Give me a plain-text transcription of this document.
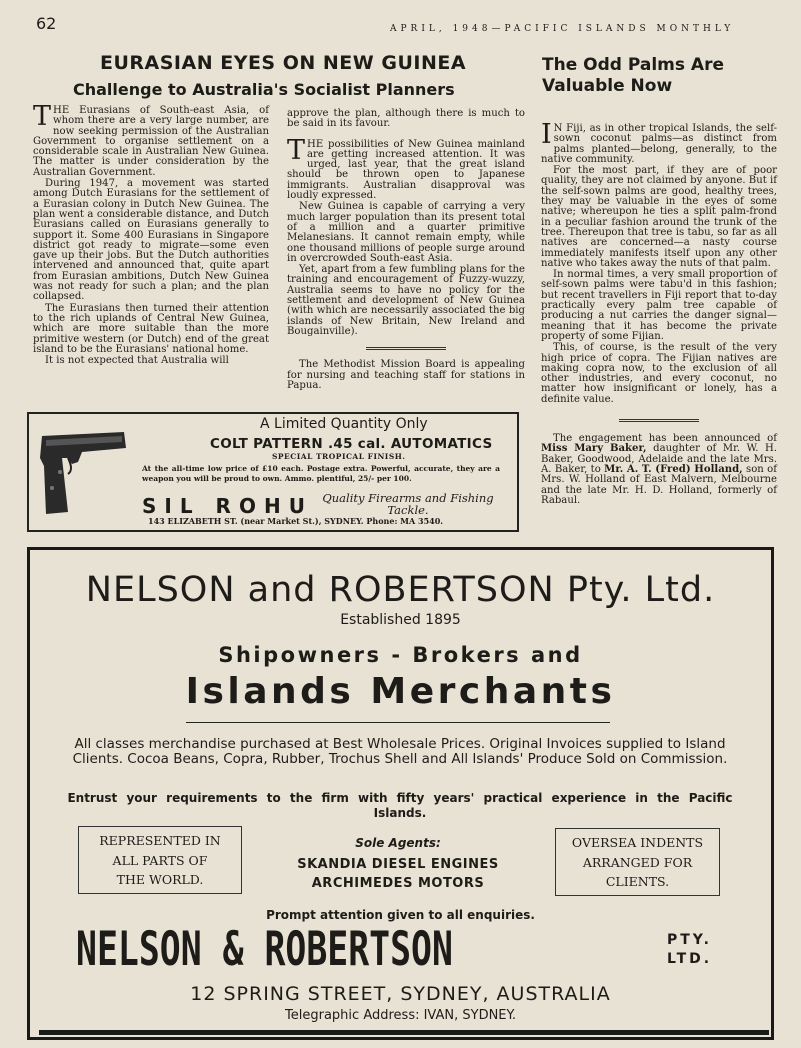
62	APRIL, 1948—PACIFIC ISLANDS MONTHLY
EURASIAN EYES ON NEW GUINEA
Challenge to Australia's Socialist Planners

THE Eurasians of South-east Asia, of whom there are a very large number, are now seeking permission of the Australian Government to organise settlement on a considerable scale in Australian New Guinea. The matter is under consideration by the Australian Government.

During 1947, a movement was started among Dutch Eurasians for the settlement of a Eurasian colony in Dutch New Guinea. The plan went a considerable distance, and Dutch Eurasians called on Eurasians generally to support it. Some 400 Eurasians in Singapore district got ready to migrate—some even gave up their jobs. But the Dutch authorities intervened and announced that, quite apart from Eurasian ambitions, Dutch New Guinea was not ready for such a plan; and the plan collapsed.

The Eurasians then turned their attention to the rich uplands of Central New Guinea, which are more suitable than the more primitive western (or Dutch) end of the great island to be the Eurasians' national home.

It is not expected that Australia will

approve the plan, although there is much to be said in its favour.

THE possibilities of New Guinea mainland are getting increased attention. It was urged, last year, that the great island should be thrown open to Japanese immigrants. Australian disapproval was loudly expressed.

New Guinea is capable of carrying a very much larger population than its present total of a million and a quarter primitive Melanesians. It cannot remain empty, while one thousand millions of people surge around in overcrowded South-east Asia.

Yet, apart from a few fumbling plans for the training and encouragement of Fuzzy-wuzzy, Australia seems to have no policy for the settlement and development of New Guinea (with which are necessarily associated the big islands of New Britain, New Ireland and Bougainville).

The Methodist Mission Board is appealing for nursing and teaching staff for stations in Papua.

The Odd Palms Are Valuable Now

I N Fiji, as in other tropical Islands, the self-sown coconut palms—as distinct from palms planted—belong, generally, to the native community.

For the most part, if they are of poor quality, they are not claimed by anyone. But if the self-sown palms are good, healthy trees, they may be valuable in the eyes of some native; whereupon he ties a split palm-frond in a peculiar fashion around the trunk of the tree. Thereupon that tree is tabu, so far as all natives are concerned—a nasty course immediately manifests itself upon any other native who takes away the nuts of that palm.

In normal times, a very small proportion of self-sown palms were tabu'd in this fashion; but recent travellers in Fiji report that to-day practically every palm tree capable of producing a nut carries the danger signal—meaning that it has become the private property of some Fijian.

This, of course, is the result of the very high price of copra. The Fijian natives are making copra now, to the exclusion of all other industries, and every coconut, no matter how insignificant or lonely, has a definite value.

The engagement has been announced of Miss Mary Baker, daughter of Mr. W. H. Baker, Goodwood, Adelaide and the late Mrs. A. Baker, to Mr. A. T. (Fred) Holland, son of Mrs. W. Holland of East Malvern, Melbourne and the late Mr. H. D. Holland, formerly of Rabaul.

A Limited Quantity Only
COLT PATTERN .45 cal. AUTOMATICS
SPECIAL TROPICAL FINISH.
At the all-time low price of £10 each. Postage extra. Powerful, accurate, they are a weapon you will be proud to own. Ammo. plentiful, 25/- per 100.
SIL ROHU Quality Firearms and Fishing Tackle.
143 ELIZABETH ST. (near Market St.), SYDNEY. Phone: MA 3540.
NELSON and ROBERTSON Pty. Ltd.
Established 1895
Shipowners - Brokers and
Islands Merchants
All classes merchandise purchased at Best Wholesale Prices. Original Invoices supplied to Island Clients. Cocoa Beans, Copra, Rubber, Trochus Shell and All Islands' Produce Sold on Commission.
Entrust your requirements to the firm with fifty years' practical experience in the Pacific Islands.
REPRESENTED IN
ALL PARTS OF
THE WORLD.
Sole Agents:
SKANDIA DIESEL ENGINES
ARCHIMEDES MOTORS
OVERSEA INDENTS
ARRANGED FOR
CLIENTS.
Prompt attention given to all enquiries.
NELSON & ROBERTSON	PTY.
LTD.
12 SPRING STREET, SYDNEY, AUSTRALIA
Telegraphic Address: IVAN, SYDNEY.
